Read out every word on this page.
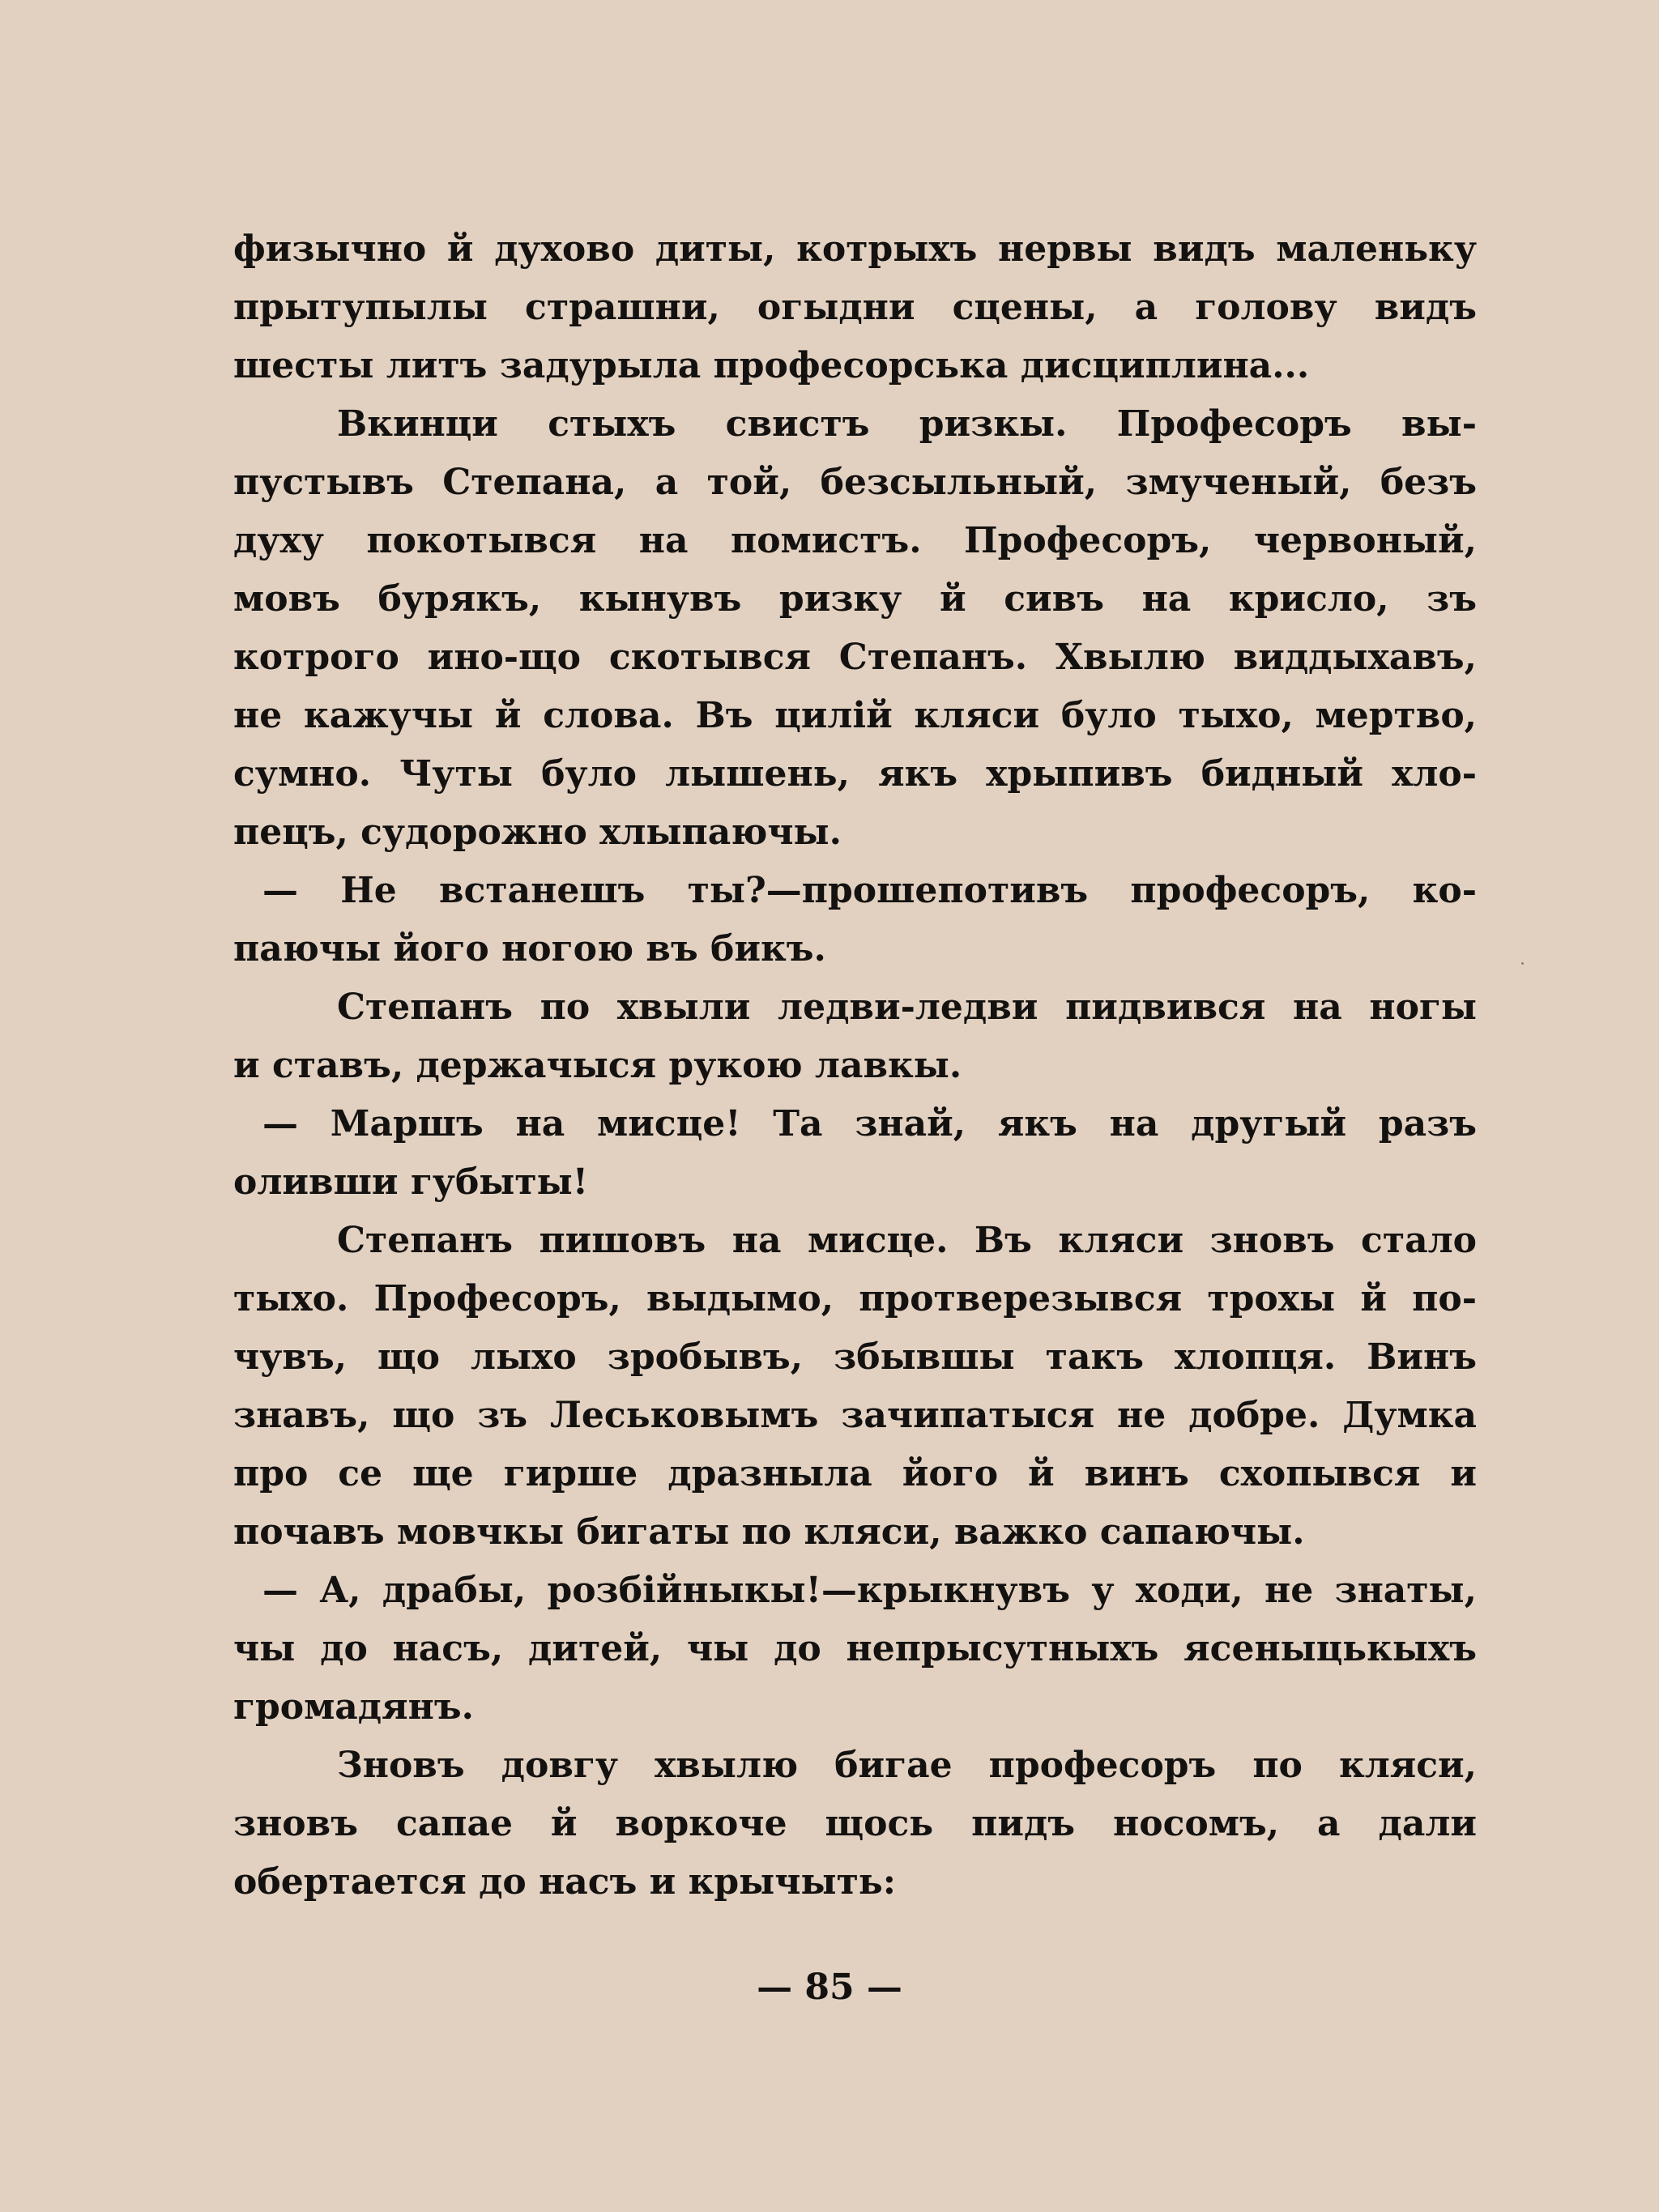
физычно й духово диты, котрыхъ нервы видъ маленьку
прытупылы страшни, огыдни сцены, а голову видъ
шесты литъ задурыла професорська дисциплина...
Вкинци стыхъ свистъ ризкы. Професоръ вы-
пустывъ Степана, а той, безсыльный, змученый, безъ
духу покотывся на помистъ. Професоръ, червоный,
мовъ бурякъ, кынувъ ризку й сивъ на крисло, зъ
котрого ино-що скотывся Степанъ. Хвылю виддыхавъ,
не кажучы й слова. Въ цилій кляси було тыхо, мертво,
сумно. Чуты було лышень, якъ хрыпивъ бидный хло-
пецъ, судорожно хлыпаючы.
— Не встанешъ ты?—прошепотивъ професоръ, ко-
паючы його ногою въ бикъ.
Степанъ по хвыли ледви-ледви пидвився на ногы
и ставъ, держачыся рукою лавкы.
— Маршъ на мисце! Та знай, якъ на другый разъ
оливши губыты!
Степанъ пишовъ на мисце. Въ кляси зновъ стало
тыхо. Професоръ, выдымо, протверезывся трохы й по-
чувъ, що лыхо зробывъ, збывшы такъ хлопця. Винъ
знавъ, що зъ Леськовымъ зачипатыся не добре. Думка
про се ще гирше дразныла його й винъ схопывся и
почавъ мовчкы бигаты по кляси, важко сапаючы.
— А, драбы, розбійныкы!—крыкнувъ у ходи, не знаты,
чы до насъ, дитей, чы до непрысутныхъ ясеныцькыхъ
громадянъ.
Зновъ довгу хвылю бигае професоръ по кляси,
зновъ сапае й воркоче щось пидъ носомъ, а дали
обертается до насъ и крычыть:
— 85 —
